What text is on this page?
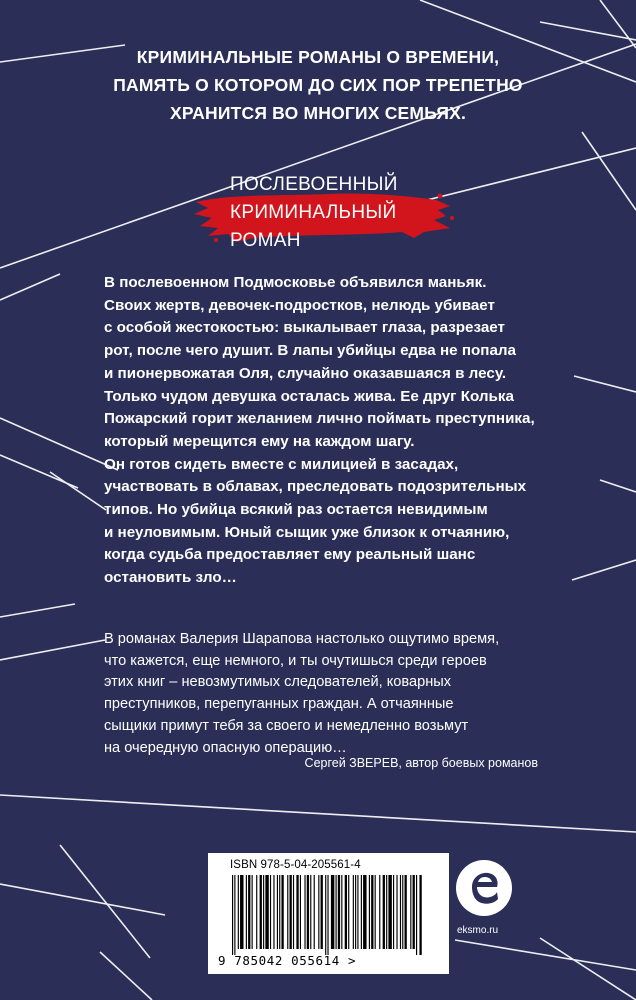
КРИМИНАЛЬНЫЕ РОМАНЫ О ВРЕМЕНИ,
ПАМЯТЬ О КОТОРОМ ДО СИХ ПОР ТРЕПЕТНО
ХРАНИТСЯ ВО МНОГИХ СЕМЬЯХ.
ПОСЛЕВОЕННЫЙ
КРИМИНАЛЬНЫЙ
РОМАН
В послевоенном Подмосковье объявился маньяк.
Своих жертв, девочек-подростков, нелюдь убивает
с особой жестокостью: выкалывает глаза, разрезает
рот, после чего душит. В лапы убийцы едва не попала
и пионервожатая Оля, случайно оказавшаяся в лесу.
Только чудом девушка осталась жива. Ее друг Колька
Пожарский горит желанием лично поймать преступника,
который мерещится ему на каждом шагу.
Он готов сидеть вместе с милицией в засадах,
участвовать в облавах, преследовать подозрительных
типов. Но убийца всякий раз остается невидимым
и неуловимым. Юный сыщик уже близок к отчаянию,
когда судьба предоставляет ему реальный шанс
остановить зло…
В романах Валерия Шарапова настолько ощутимо время,
что кажется, еще немного, и ты очутишься среди героев
этих книг – невозмутимых следователей, коварных
преступников, перепуганных граждан. А отчаянные
сыщики примут тебя за своего и немедленно возьмут
на очередную опасную операцию…
Сергей ЗВЕРЕВ, автор боевых романов
ISBN 978-5-04-205561-4
9 785042 055614 >
eksmo.ru
